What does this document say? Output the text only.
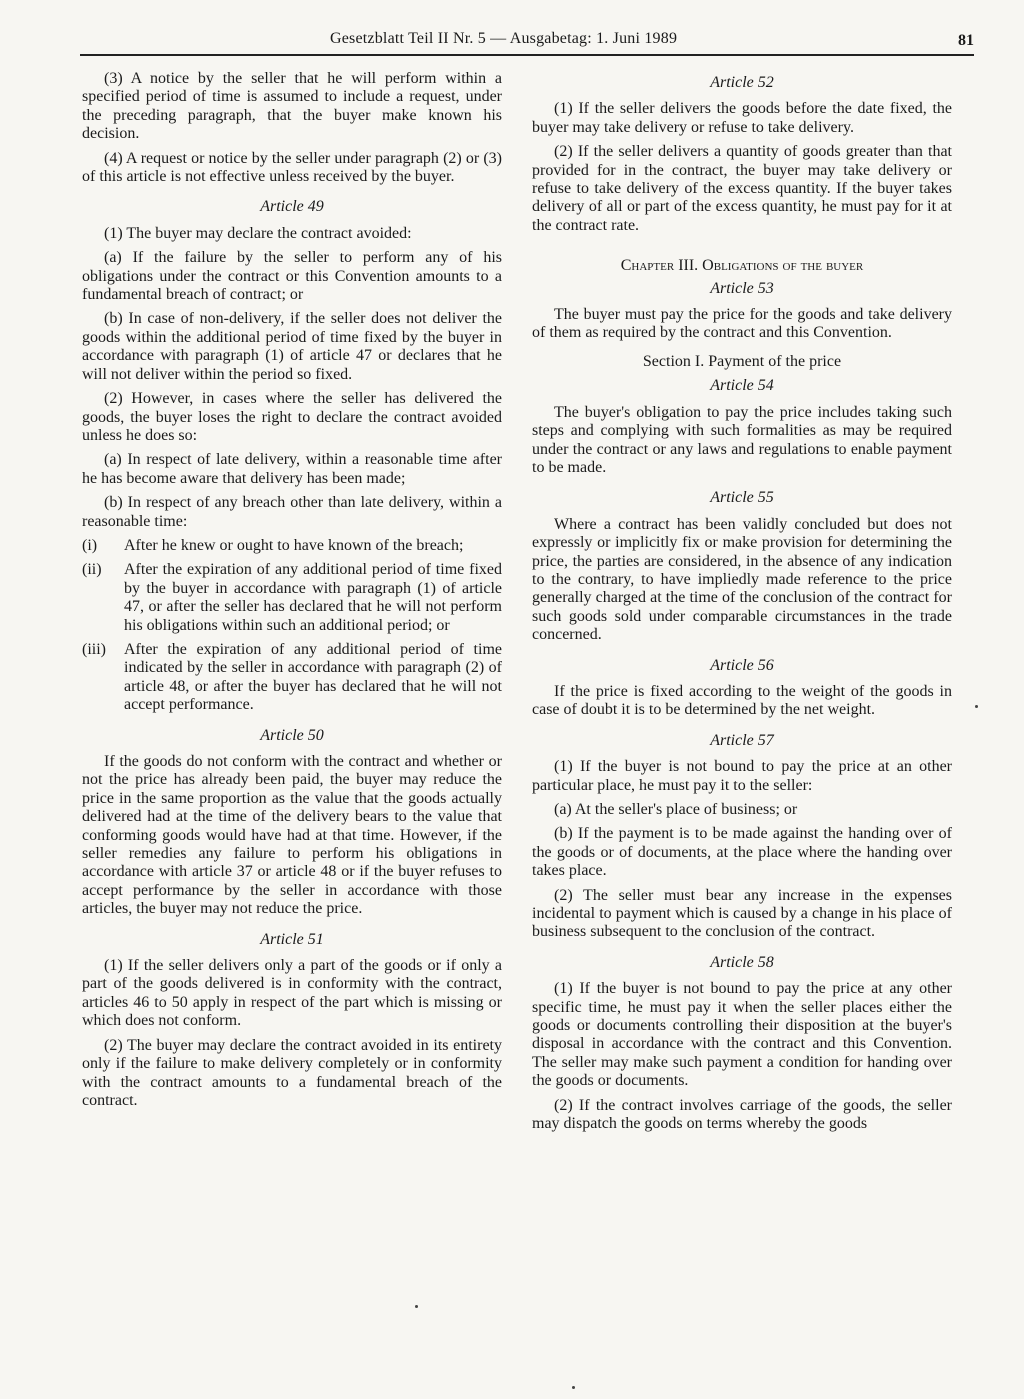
Gesetzblatt Teil II Nr. 5 — Ausgabetag: 1. Juni 1989	81

(3) A notice by the seller that he will perform within a specified period of time is assumed to include a request, under the preceding paragraph, that the buyer make known his decision.

(4) A request or notice by the seller under paragraph (2) or (3) of this article is not effective unless received by the buyer.

Article 49

(1) The buyer may declare the contract avoided:

(a) If the failure by the seller to perform any of his obligations under the contract or this Convention amounts to a fundamental breach of contract; or

(b) In case of non-delivery, if the seller does not deliver the goods within the additional period of time fixed by the buyer in accordance with paragraph (1) of article 47 or declares that he will not deliver within the period so fixed.

(2) However, in cases where the seller has delivered the goods, the buyer loses the right to declare the contract avoided unless he does so:

(a) In respect of late delivery, within a reasonable time after he has become aware that delivery has been made;

(b) In respect of any breach other than late delivery, within a reasonable time:

(i)	After he knew or ought to have known of the breach;
(ii)	After the expiration of any additional period of time fixed by the buyer in accordance with paragraph (1) of article 47, or after the seller has declared that he will not perform his obligations within such an additional period; or
(iii)	After the expiration of any additional period of time indicated by the seller in accordance with paragraph (2) of article 48, or after the buyer has declared that he will not accept performance.
Article 50

If the goods do not conform with the contract and whether or not the price has already been paid, the buyer may reduce the price in the same proportion as the value that the goods actually delivered had at the time of the delivery bears to the value that conforming goods would have had at that time. However, if the seller remedies any failure to perform his obligations in accordance with article 37 or article 48 or if the buyer refuses to accept performance by the seller in accordance with those articles, the buyer may not reduce the price.

Article 51

(1) If the seller delivers only a part of the goods or if only a part of the goods delivered is in conformity with the contract, articles 46 to 50 apply in respect of the part which is missing or which does not conform.

(2) The buyer may declare the contract avoided in its entirety only if the failure to make delivery completely or in conformity with the contract amounts to a fundamental breach of the contract.

Article 52

(1) If the seller delivers the goods before the date fixed, the buyer may take delivery or refuse to take delivery.

(2) If the seller delivers a quantity of goods greater than that provided for in the contract, the buyer may take delivery or refuse to take delivery of the excess quantity. If the buyer takes delivery of all or part of the excess quantity, he must pay for it at the contract rate.

Chapter III. Obligations of the buyer
Article 53

The buyer must pay the price for the goods and take delivery of them as required by the contract and this Convention.

Section I. Payment of the price
Article 54

The buyer's obligation to pay the price includes taking such steps and complying with such formalities as may be required under the contract or any laws and regulations to enable payment to be made.

Article 55

Where a contract has been validly concluded but does not expressly or implicitly fix or make provision for determining the price, the parties are considered, in the absence of any indication to the contrary, to have impliedly made reference to the price generally charged at the time of the conclusion of the contract for such goods sold under comparable circumstances in the trade concerned.

Article 56

If the price is fixed according to the weight of the goods in case of doubt it is to be determined by the net weight.

Article 57

(1) If the buyer is not bound to pay the price at an other particular place, he must pay it to the seller:

(a) At the seller's place of business; or

(b) If the payment is to be made against the handing over of the goods or of documents, at the place where the handing over takes place.

(2) The seller must bear any increase in the expenses incidental to payment which is caused by a change in his place of business subsequent to the conclusion of the contract.

Article 58

(1) If the buyer is not bound to pay the price at any other specific time, he must pay it when the seller places either the goods or documents controlling their disposition at the buyer's disposal in accordance with the contract and this Convention. The seller may make such payment a condition for handing over the goods or documents.

(2) If the contract involves carriage of the goods, the seller may dispatch the goods on terms whereby the goods
